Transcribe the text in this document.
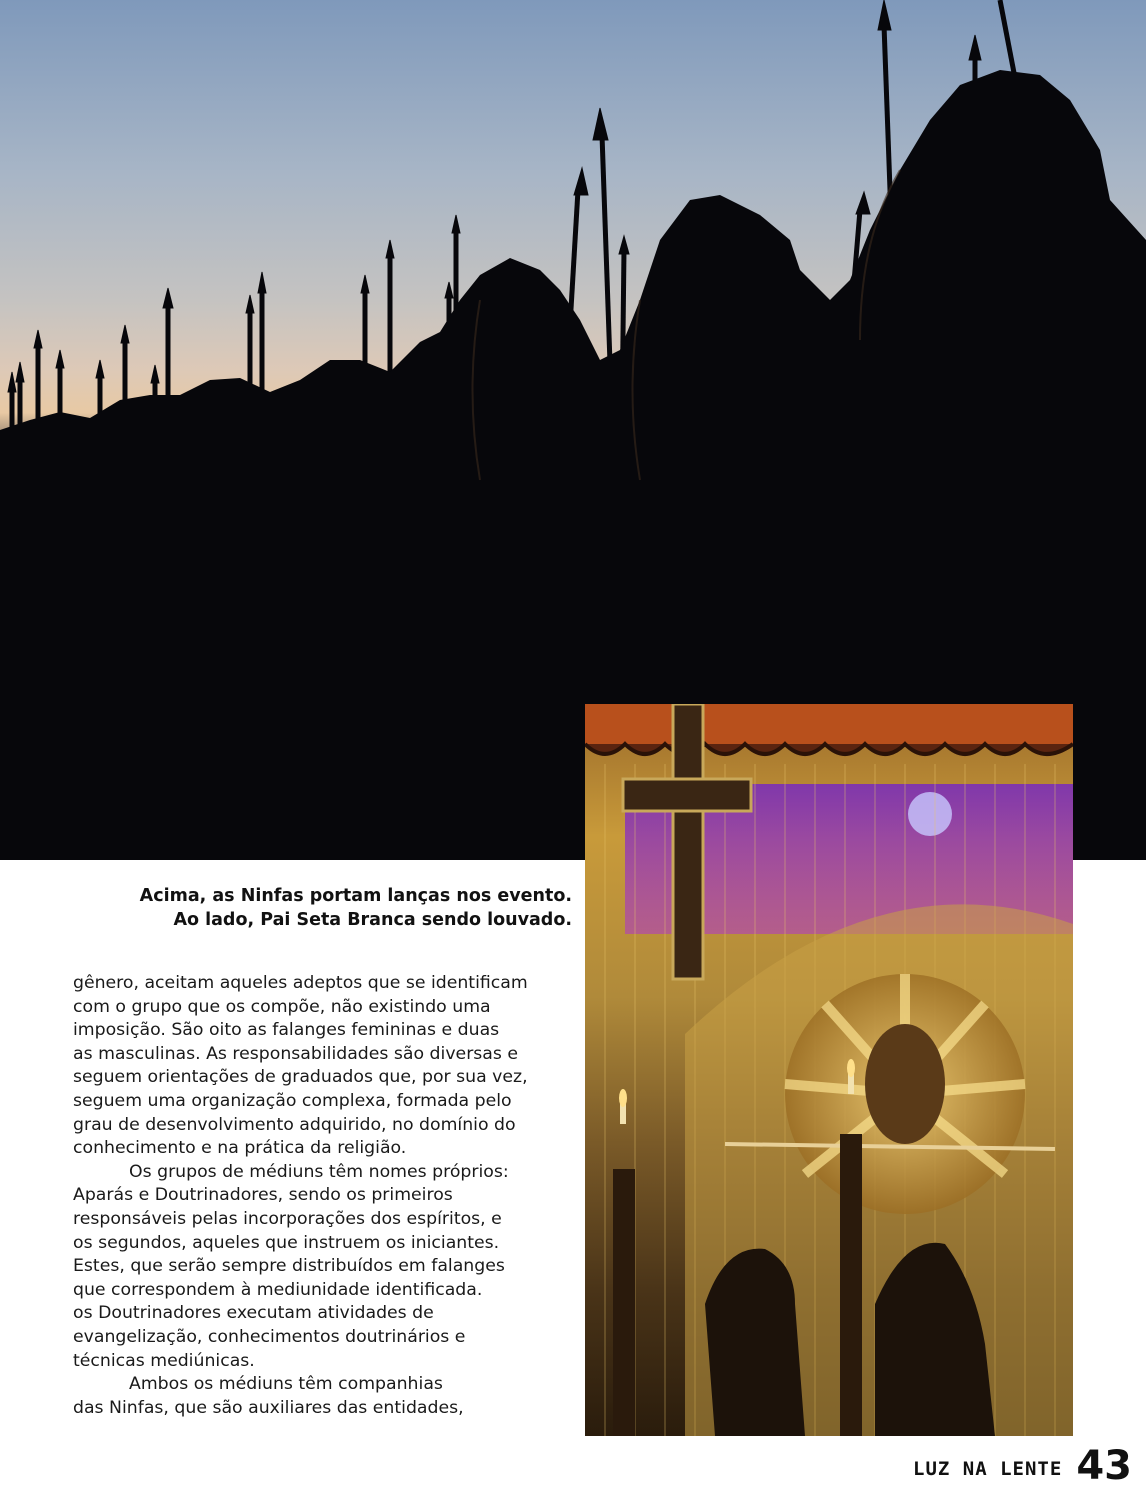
Acima, as Ninfas portam lanças nos evento.
Ao lado, Pai Seta Branca sendo louvado.
gênero, aceitam aqueles adeptos que se identificam
com o grupo que os compõe, não existindo uma
imposição. São oito as falanges femininas e duas
as masculinas. As responsabilidades são diversas e
seguem orientações de graduados que, por sua vez,
seguem uma organização complexa, formada pelo
grau de desenvolvimento adquirido, no domínio do
conhecimento e na prática da religião.
Os grupos de médiuns têm nomes próprios:
Aparás e Doutrinadores, sendo os primeiros
responsáveis pelas incorporações dos espíritos, e
os segundos, aqueles que instruem os iniciantes.
Estes, que serão sempre distribuídos em falanges
que correspondem à mediunidade identificada.
os Doutrinadores executam atividades de
evangelização, conhecimentos doutrinários e
técnicas mediúnicas.
Ambos os médiuns têm companhias
das Ninfas, que são auxiliares das entidades,
LUZ NA LENTE 43
